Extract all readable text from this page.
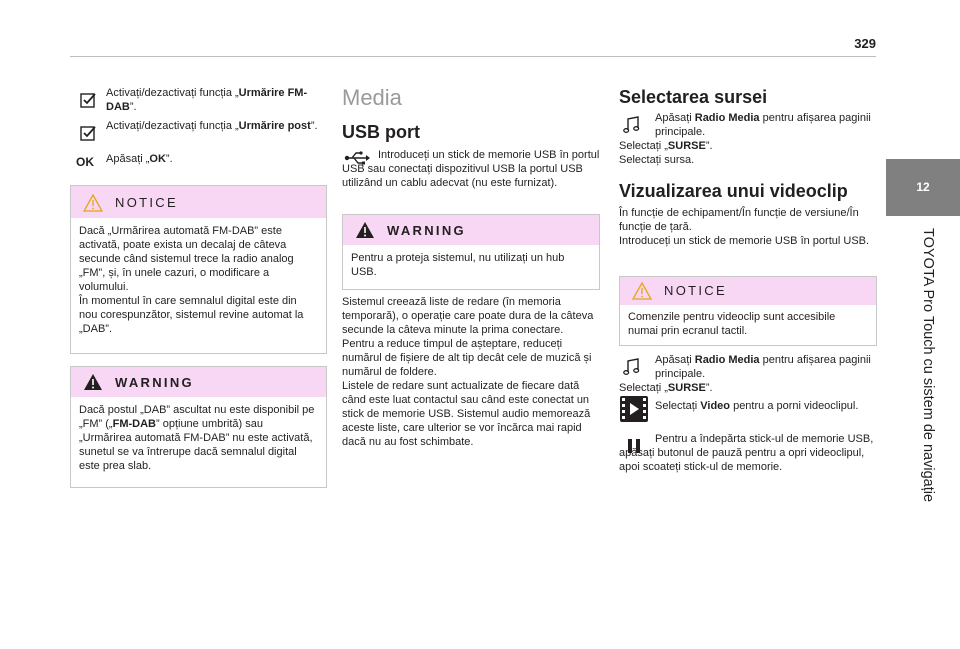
329
12
TOYOTA Pro Touch cu sistem de navigație
Activați/dezactivați funcția „Urmărire FM-DAB”.
Activați/dezactivați funcția „Urmărire post”.
OK Apăsați „OK”.
NOTICE
Dacă „Urmărirea automată FM-DAB” este activată, poate exista un decalaj de câteva secunde când sistemul trece la radio analog „FM”, și, în unele cazuri, o modificare a volumului.
În momentul în care semnalul digital este din nou corespunzător, sistemul revine automat la „DAB”.
WARNING
Dacă postul „DAB” ascultat nu este disponibil pe „FM” („FM-DAB” opțiune umbrită) sau „Urmărirea automată FM-DAB” nu este activată, sunetul se va întrerupe dacă semnalul digital este prea slab.
Media
USB port
Introduceți un stick de memorie USB în portul USB sau conectați dispozitivul USB la portul USB utilizând un cablu adecvat (nu este furnizat).
WARNING
Pentru a proteja sistemul, nu utilizați un hub USB.
Sistemul creează liste de redare (în memoria temporară), o operație care poate dura de la câteva secunde la câteva minute la prima conectare.
Pentru a reduce timpul de așteptare, reduceți numărul de fișiere de alt tip decât cele de muzică și numărul de foldere.
Listele de redare sunt actualizate de fiecare dată când este luat contactul sau când este conectat un stick de memorie USB. Sistemul audio memorează aceste liste, care ulterior se vor încărca mai rapid dacă nu au fost schimbate.
Selectarea sursei
Apăsați Radio Media pentru afișarea paginii principale.
Selectați „SURSE”.
Selectați sursa.
Vizualizarea unui videoclip
În funcție de echipament/În funcție de versiune/În funcție de țară.
Introduceți un stick de memorie USB în portul USB.
NOTICE
Comenzile pentru videoclip sunt accesibile numai prin ecranul tactil.
Apăsați Radio Media pentru afișarea paginii principale.
Selectați „SURSE”.
Selectați Video pentru a porni videoclipul.
Pentru a îndepărta stick-ul de memorie USB, apăsați butonul de pauză pentru a opri videoclipul, apoi scoateți stick-ul de memorie.
